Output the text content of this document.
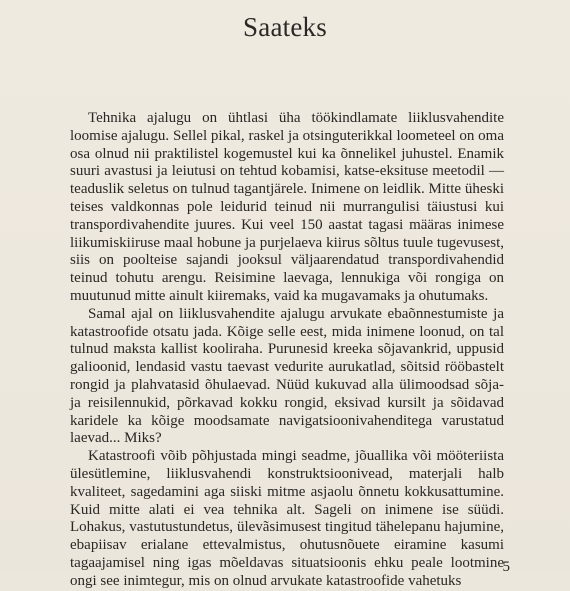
Saateks

Tehnika ajalugu on ühtlasi üha töökindlamate liiklusvahendite loomise ajalugu. Sellel pikal, raskel ja otsinguterikkal loometeel on oma osa olnud nii praktilistel kogemustel kui ka õnnelikel juhustel. Enamik suuri avastusi ja leiutusi on tehtud kobamisi, katse-eksituse meetodil — teaduslik seletus on tulnud tagantjärele. Inimene on leidlik. Mitte üheski teises valdkonnas pole leidurid teinud nii murrangulisi täiustusi kui transpordivahendite juures. Kui veel 150 aastat tagasi määras inimese liikumiskiiruse maal hobune ja purjelaeva kiirus sõltus tuule tugevusest, siis on poolteise sajandi jooksul väljaarendatud transpordivahendid teinud tohutu arengu. Reisimine laevaga, lennukiga või rongiga on muutunud mitte ainult kiiremaks, vaid ka mugavamaks ja ohutumaks.

Samal ajal on liiklusvahendite ajalugu arvukate ebaõnnestumiste ja katastroofide otsatu jada. Kõige selle eest, mida inimene loonud, on tal tulnud maksta kallist kooliraha. Purunesid kreeka sõjavankrid, uppusid galioonid, lendasid vastu taevast vedurite aurukatlad, sõitsid rööbastelt rongid ja plahvatasid õhulaevad. Nüüd kukuvad alla ülimoodsad sõja- ja reisilennukid, põrkavad kokku rongid, eksivad kursilt ja sõidavad karidele ka kõige moodsamate navigatsioonivahenditega varustatud laevad... Miks?

Katastroofi võib põhjustada mingi seadme, jõuallika või mööteriista ülesütlemine, liiklusvahendi konstruktsioonivead, materjali halb kvaliteet, sagedamini aga siiski mitme asjaolu õnnetu kokkusattumine. Kuid mitte alati ei vea tehnika alt. Sageli on inimene ise süüdi. Lohakus, vastutustundetus, ülevãsimusest tingitud tähelepanu hajumine, ebapiisav erialane ettevalmistus, ohutusnõuete eiramine kasumi tagaajamisel ning igas mõeldavas situatsioonis ehku peale lootmine ongi see inimtegur, mis on olnud arvukate katastroofide vahetuks

5
